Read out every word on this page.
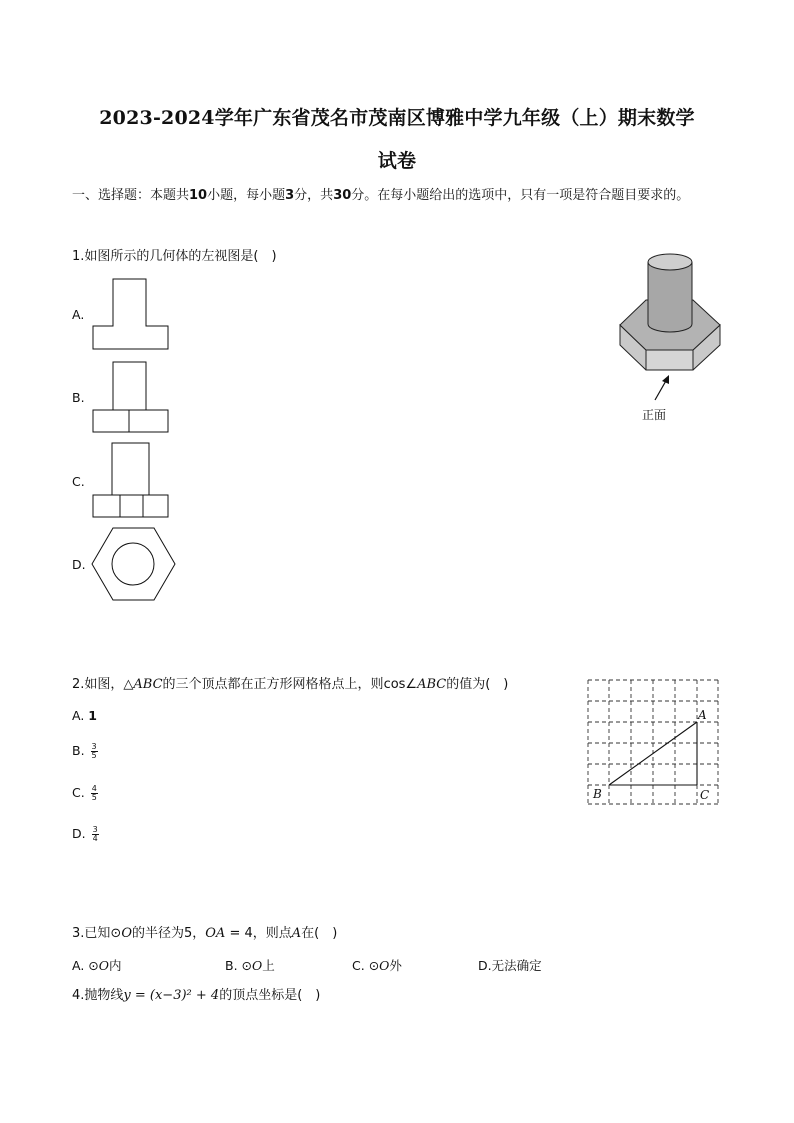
2023-2024学年广东省茂名市茂南区博雅中学九年级（上）期末数学
试卷
一、选择题：本题共10小题，每小题3分，共30分。在每小题给出的选项中，只有一项是符合题目要求的。
1.如图所示的几何体的左视图是(　)
A.
B.
C.
D.
正面
2.如图，△ABC的三个顶点都在正方形网格格点上，则cos∠ABC的值为(　)
A. 1
B. $\frac{3}{5}$
C. $\frac{4}{5}$
D. $\frac{3}{4}$
A
B	C
3.已知⊙O的半径为5，OA = 4，则点A在(　)
A. ⊙O内	B. ⊙O上	C. ⊙O外	D.无法确定
4.抛物线y = (x−3)² + 4的顶点坐标是(　)
